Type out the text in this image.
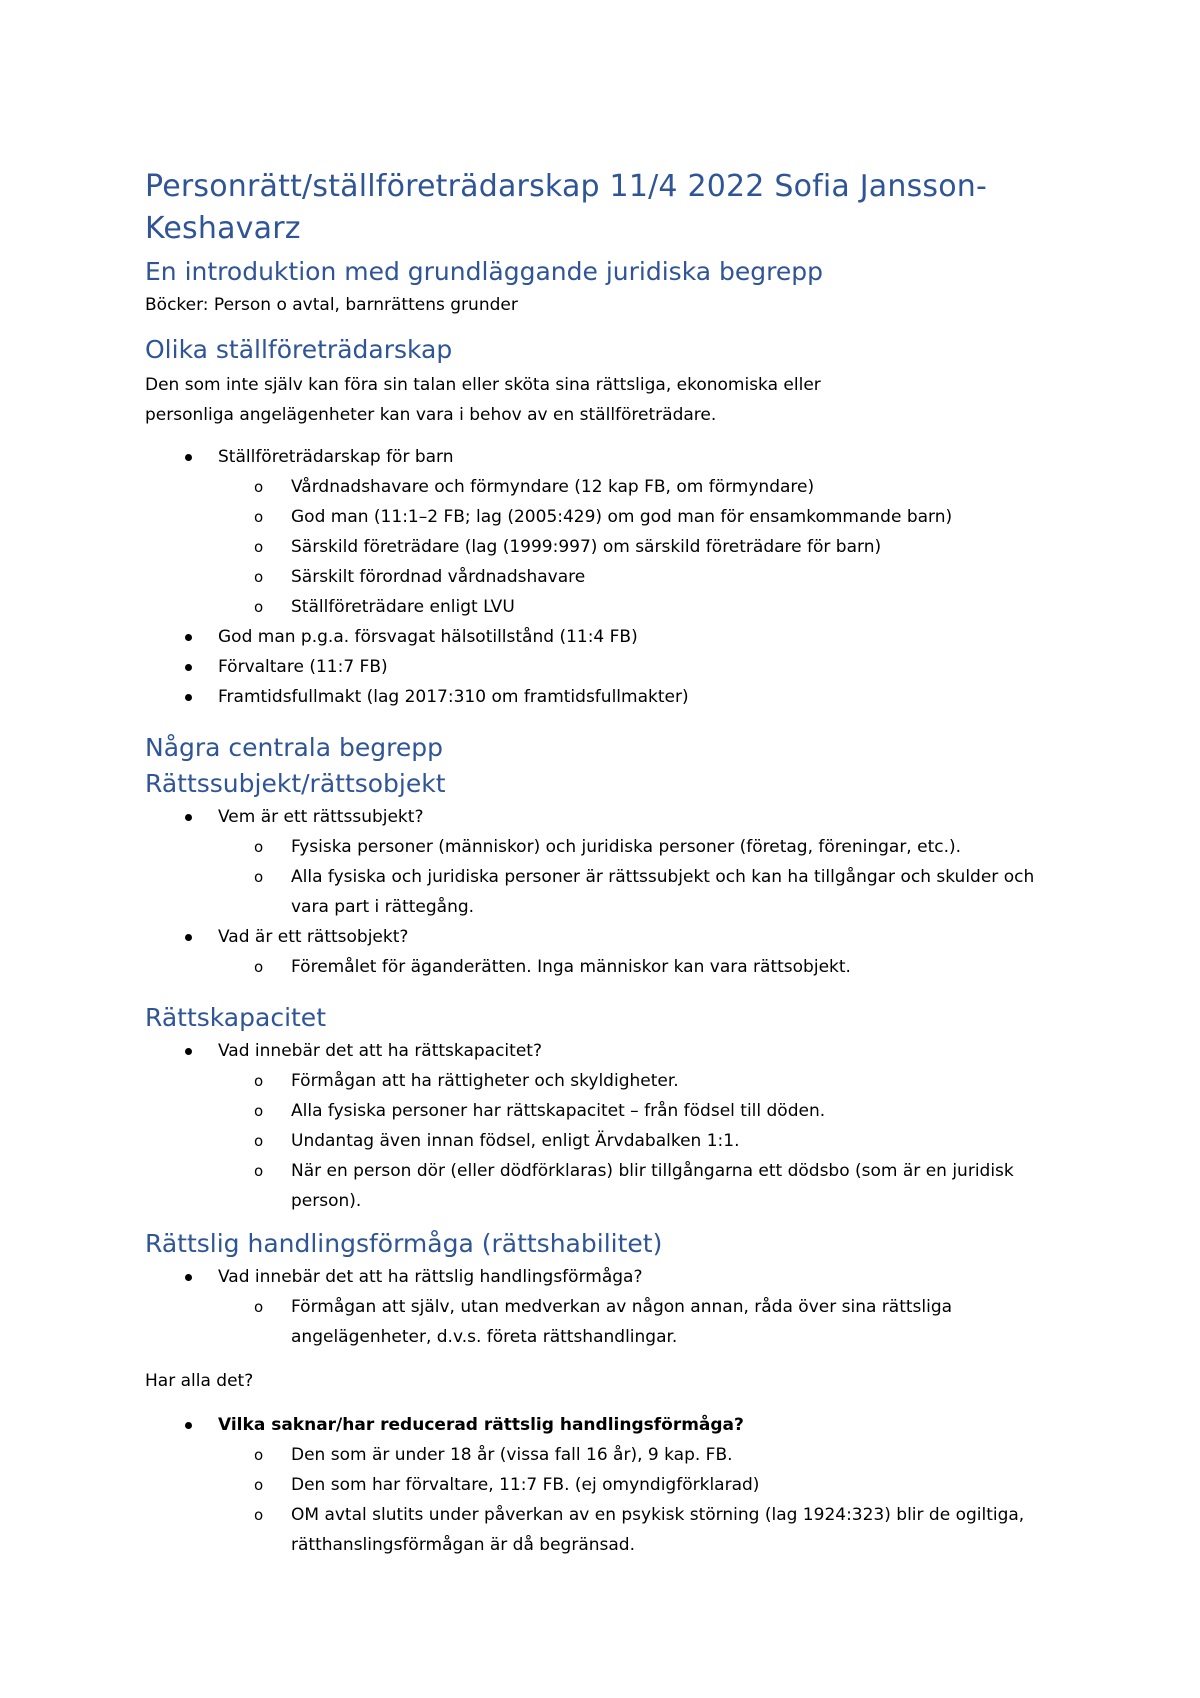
Personrätt/ställföreträdarskap 11/4 2022 Sofia Jansson-Keshavarz
En introduktion med grundläggande juridiska begrepp

Böcker: Person o avtal, barnrättens grunder

Olika ställföreträdarskap

Den som inte själv kan föra sin talan eller sköta sina rättsliga, ekonomiska eller personliga angelägenheter kan vara i behov av en ställföreträdare.

Ställföreträdarskap för barn
o Vårdnadshavare och förmyndare (12 kap FB, om förmyndare)
o God man (11:1–2 FB; lag (2005:429) om god man för ensamkommande barn)
o Särskild företrädare (lag (1999:997) om särskild företrädare för barn)
o Särskilt förordnad vårdnadshavare
o Ställföreträdare enligt LVU
God man p.g.a. försvagat hälsotillstånd (11:4 FB)
Förvaltare (11:7 FB)
Framtidsfullmakt (lag 2017:310 om framtidsfullmakter)
Några centrala begrepp
Rättssubjekt/rättsobjekt
Vem är ett rättssubjekt?
o Fysiska personer (människor) och juridiska personer (företag, föreningar, etc.).
o Alla fysiska och juridiska personer är rättssubjekt och kan ha tillgångar och skulder och vara part i rättegång.
Vad är ett rättsobjekt?
o Föremålet för äganderätten. Inga människor kan vara rättsobjekt.
Rättskapacitet
Vad innebär det att ha rättskapacitet?
o Förmågan att ha rättigheter och skyldigheter.
o Alla fysiska personer har rättskapacitet – från födsel till döden.
o Undantag även innan födsel, enligt Ärvdabalken 1:1.
o När en person dör (eller dödförklaras) blir tillgångarna ett dödsbo (som är en juridisk person).
Rättslig handlingsförmåga (rättshabilitet)
Vad innebär det att ha rättslig handlingsförmåga?
o Förmågan att själv, utan medverkan av någon annan, råda över sina rättsliga angelägenheter, d.v.s. företa rättshandlingar.

Har alla det?

Vilka saknar/har reducerad rättslig handlingsförmåga?
o Den som är under 18 år (vissa fall 16 år), 9 kap. FB.
o Den som har förvaltare, 11:7 FB. (ej omyndigförklarad)
o OM avtal slutits under påverkan av en psykisk störning (lag 1924:323) blir de ogiltiga, rätthanslingsförmågan är då begränsad.
